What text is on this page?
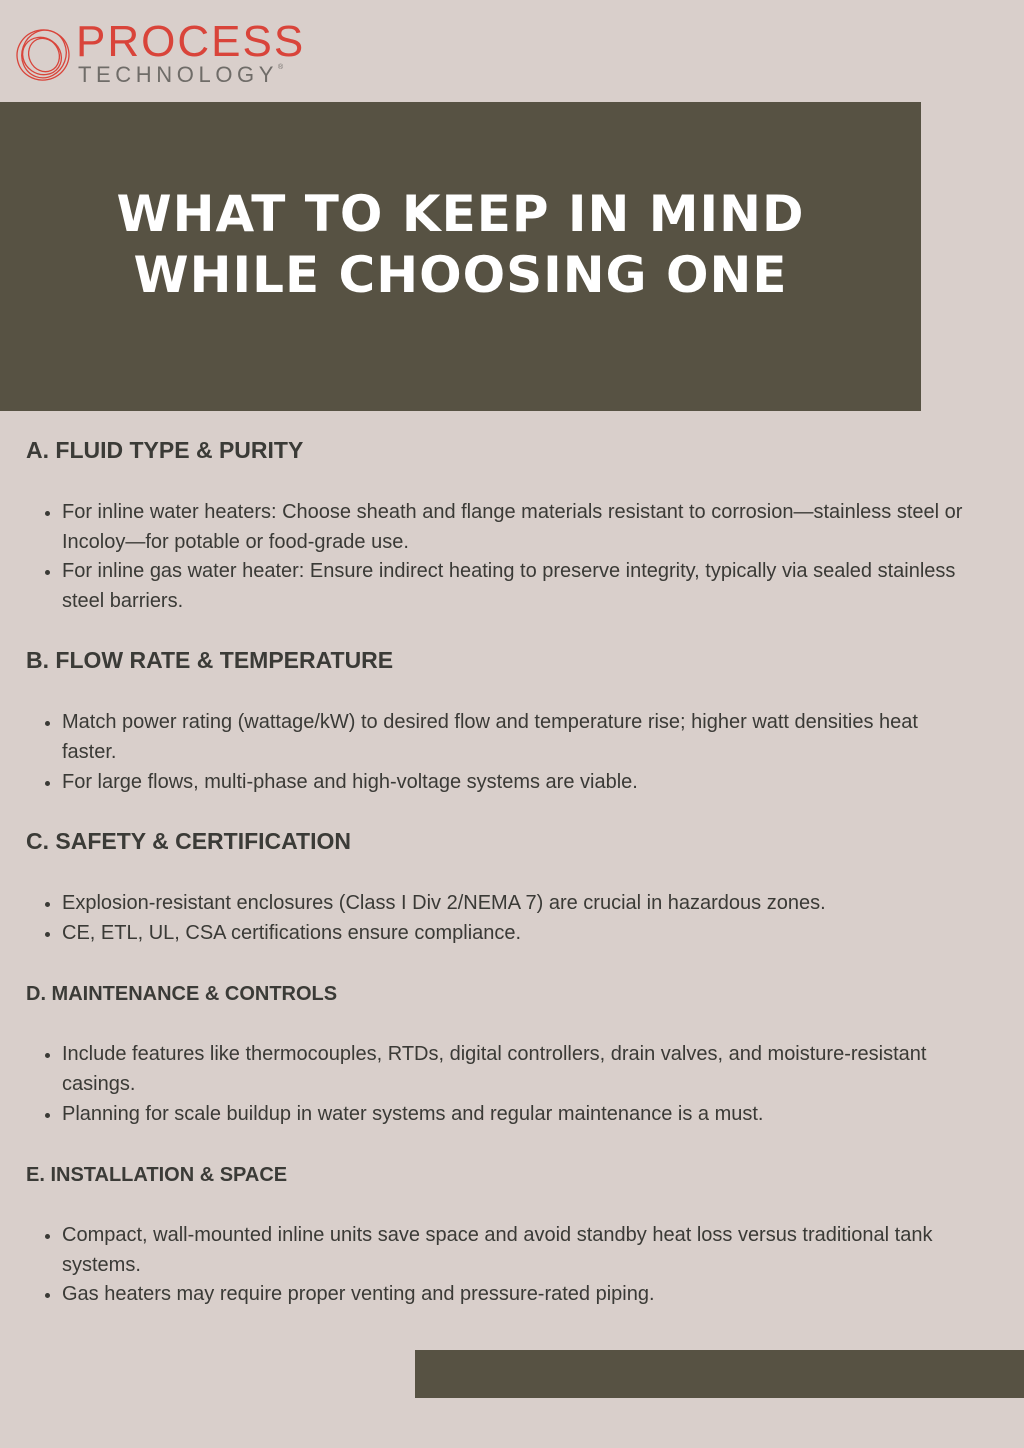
PROCESS
TECHNOLOGY®
WHAT TO KEEP IN MIND
WHILE CHOOSING ONE
A. FLUID TYPE & PURITY
For inline water heaters: Choose sheath and flange materials resistant to corrosion—stainless steel or Incoloy—for potable or food-grade use.
For inline gas water heater: Ensure indirect heating to preserve integrity, typically via sealed stainless steel barriers.
B. FLOW RATE & TEMPERATURE
Match power rating (wattage/kW) to desired flow and temperature rise; higher watt densities heat faster.
For large flows, multi-phase and high-voltage systems are viable.
C. SAFETY & CERTIFICATION
Explosion-resistant enclosures (Class I Div 2/NEMA 7) are crucial in hazardous zones.
CE, ETL, UL, CSA certifications ensure compliance.
D. MAINTENANCE & CONTROLS
Include features like thermocouples, RTDs, digital controllers, drain valves, and moisture-resistant casings.
Planning for scale buildup in water systems and regular maintenance is a must.
E. INSTALLATION & SPACE
Compact, wall-mounted inline units save space and avoid standby heat loss versus traditional tank systems.
Gas heaters may require proper venting and pressure-rated piping.
